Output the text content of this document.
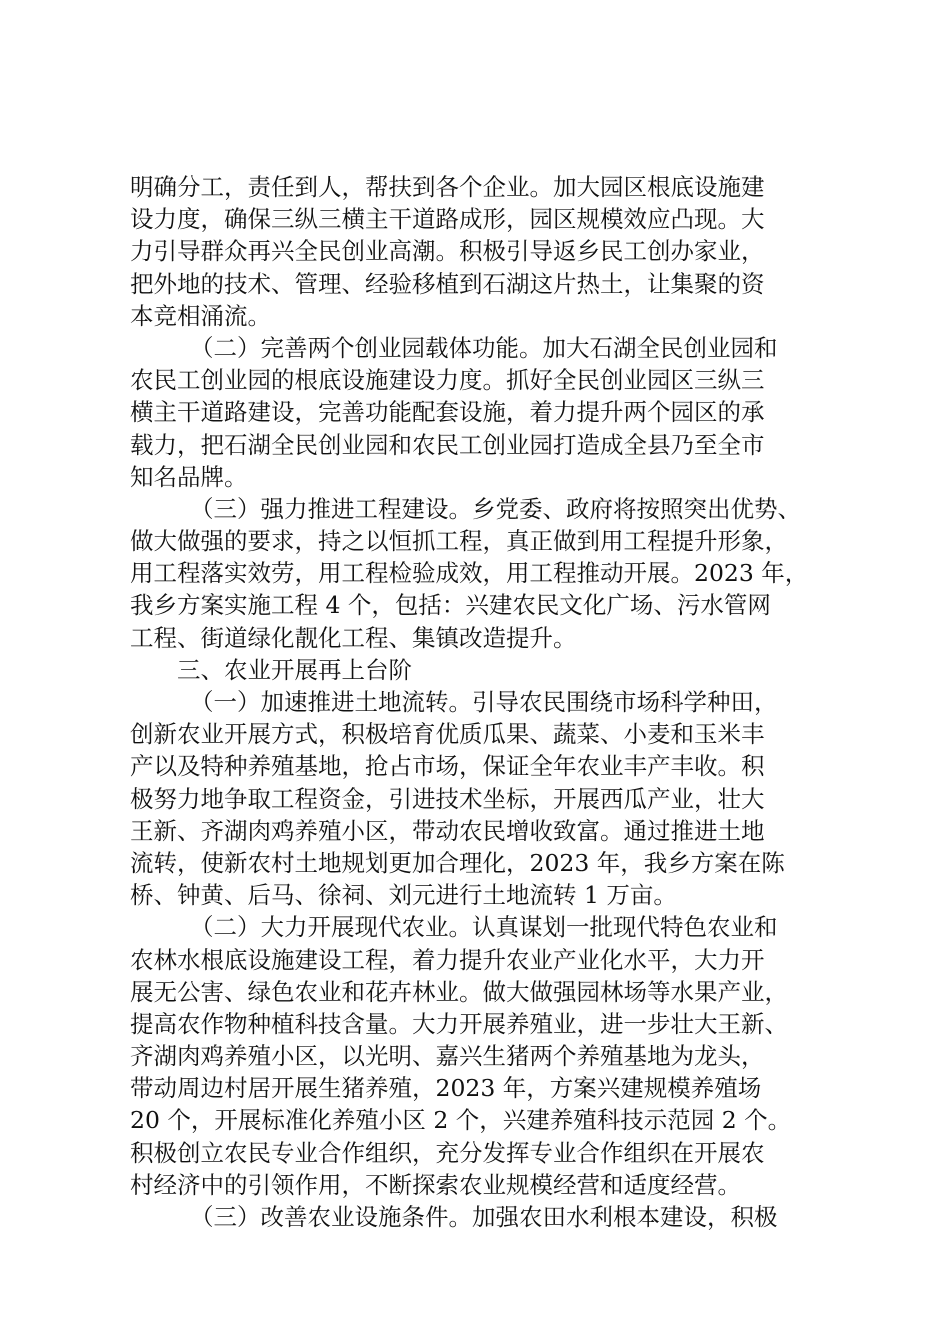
明确分工，责任到人，帮扶到各个企业。加大园区根底设施建
设力度，确保三纵三横主干道路成形，园区规模效应凸现。大
力引导群众再兴全民创业高潮。积极引导返乡民工创办家业，
把外地的技术、管理、经验移植到石湖这片热土，让集聚的资
本竞相涌流。
（二）完善两个创业园载体功能。加大石湖全民创业园和
农民工创业园的根底设施建设力度。抓好全民创业园区三纵三
横主干道路建设，完善功能配套设施，着力提升两个园区的承
载力，把石湖全民创业园和农民工创业园打造成全县乃至全市
知名品牌。
（三）强力推进工程建设。乡党委、政府将按照突出优势、
做大做强的要求，持之以恒抓工程，真正做到用工程提升形象，
用工程落实效劳，用工程检验成效，用工程推动开展。2023 年，
我乡方案实施工程 4 个，包括：兴建农民文化广场、污水管网
工程、街道绿化靓化工程、集镇改造提升。
三、农业开展再上台阶
（一）加速推进土地流转。引导农民围绕市场科学种田，
创新农业开展方式，积极培育优质瓜果、蔬菜、小麦和玉米丰
产以及特种养殖基地，抢占市场，保证全年农业丰产丰收。积
极努力地争取工程资金，引进技术坐标，开展西瓜产业，壮大
王新、齐湖肉鸡养殖小区，带动农民增收致富。通过推进土地
流转，使新农村土地规划更加合理化，2023 年，我乡方案在陈
桥、钟黄、后马、徐祠、刘元进行土地流转 1 万亩。
（二）大力开展现代农业。认真谋划一批现代特色农业和
农林水根底设施建设工程，着力提升农业产业化水平，大力开
展无公害、绿色农业和花卉林业。做大做强园林场等水果产业，
提高农作物种植科技含量。大力开展养殖业，进一步壮大王新、
齐湖肉鸡养殖小区，以光明、嘉兴生猪两个养殖基地为龙头，
带动周边村居开展生猪养殖，2023 年，方案兴建规模养殖场
20 个，开展标准化养殖小区 2 个，兴建养殖科技示范园 2 个。
积极创立农民专业合作组织，充分发挥专业合作组织在开展农
村经济中的引领作用，不断探索农业规模经营和适度经营。
（三）改善农业设施条件。加强农田水利根本建设，积极
